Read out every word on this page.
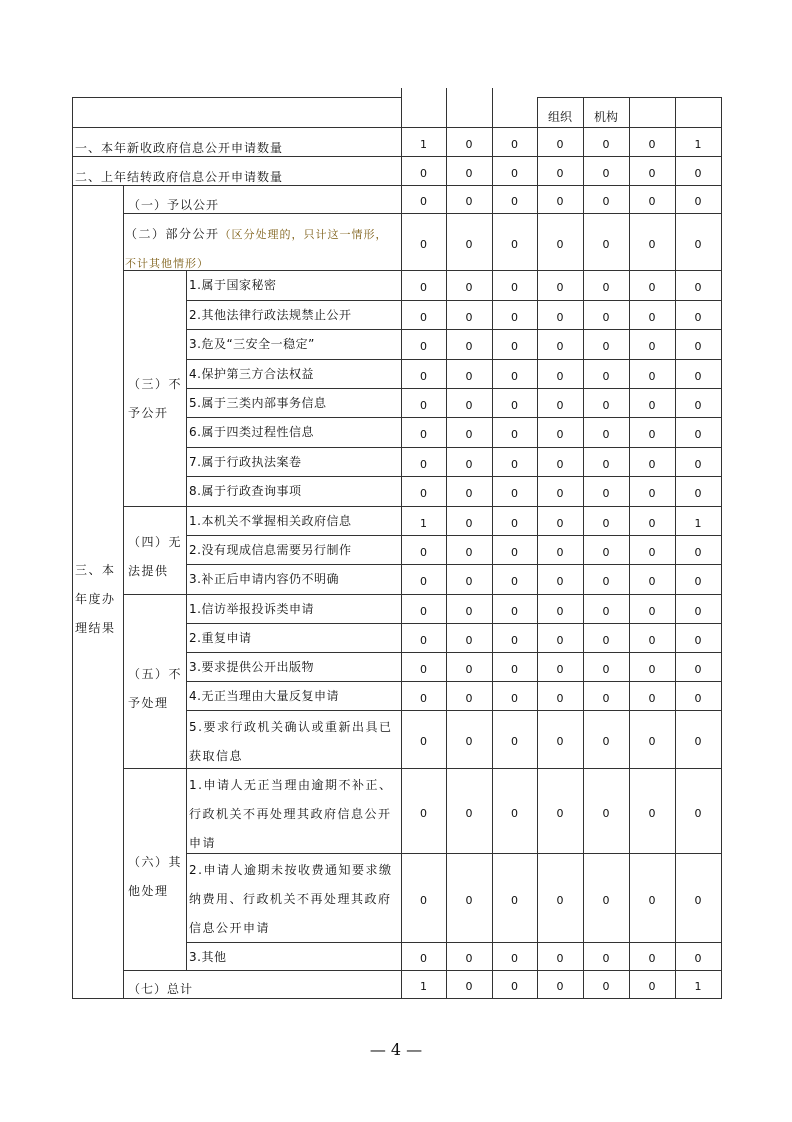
组织 机构
一、本年新收政府信息公开申请数量	1	0	0	0	0	0	1
二、上年结转政府信息公开申请数量	0	0	0	0	0	0	0
三、本年度办理结果
（一）予以公开	0	0	0	0	0	0	0
（二）部分公开（区分处理的，只计这一情形，不计其他情形）
0	0	0	0	0	0	0
（三）不予公开
1.属于国家秘密	0	0	0	0	0	0	0
2.其他法律行政法规禁止公开	0	0	0	0	0	0	0
3.危及“三安全一稳定”	0	0	0	0	0	0	0
4.保护第三方合法权益	0	0	0	0	0	0	0
5.属于三类内部事务信息	0	0	0	0	0	0	0
6.属于四类过程性信息	0	0	0	0	0	0	0
7.属于行政执法案卷	0	0	0	0	0	0	0
8.属于行政查询事项	0	0	0	0	0	0	0
（四）无法提供
1.本机关不掌握相关政府信息	1	0	0	0	0	0	1
2.没有现成信息需要另行制作	0	0	0	0	0	0	0
3.补正后申请内容仍不明确	0	0	0	0	0	0	0
（五）不予处理
1.信访举报投诉类申请	0	0	0	0	0	0	0
2.重复申请	0	0	0	0	0	0	0
3.要求提供公开出版物	0	0	0	0	0	0	0
4.无正当理由大量反复申请	0	0	0	0	0	0	0
5.要求行政机关确认或重新出具已获取信息
0	0	0	0	0	0	0
（六）其他处理
1.申请人无正当理由逾期不补正、行政机关不再处理其政府信息公开申请
0	0	0	0	0	0	0
2.申请人逾期未按收费通知要求缴纳费用、行政机关不再处理其政府信息公开申请
0	0	0	0	0	0	0
3.其他	0	0	0	0	0	0	0
（七）总计	1	0	0	0	0	0	1
— 4 —
